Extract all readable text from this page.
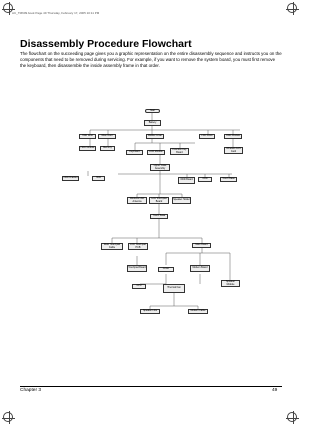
AC_TM609.book Page 49 Thursday, February 17, 2005 10:11 PM
Disassembly Procedure Flowchart

The flowchart on the succeeding page gives you a graphic representation on the entire disassembly sequence and instructs you on the components that need to be removed during servicing. For example, if you want to remove the system board, you must first remove the keyboard, then disassemble the inside assembly frame in that order.

Start
Battery
HDD Door	Wlan Door	Middle Cover	FDD Drive	ODD Module
HDD Module	Memory
Keyboard	LCD Module
Function Key Board
Wireless LAN Card
ODD Bracket	HDD
Upper Case Assembly
ODD Board	ODD	Touch Base
Wireless LAN Antenna
Low Touchpad Board	Speaker Holder
Touch Base
Rear Touchpad Cable
LCD Touchpad PCB
Main Board
Touchpad Board	Cover	Modem Board
CPU
Thermal Fan
Speaker Module
Speaker Line	Modem Cable
Chapter 3	49
